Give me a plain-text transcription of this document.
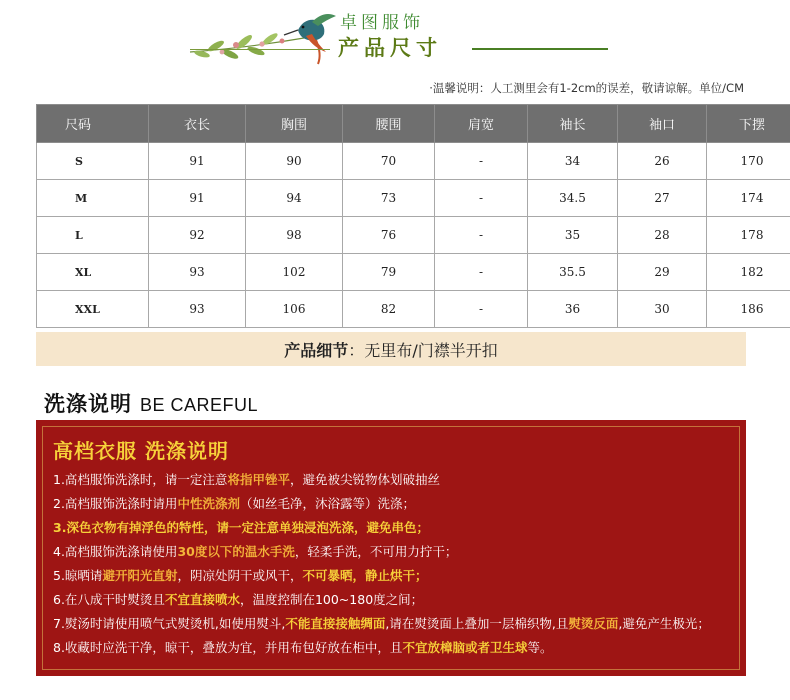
卓图服饰
产品尺寸
·温馨说明：人工测里会有1-2cm的误差，敬请谅解。单位/CM
尺码	衣长	胸围	腰围	肩宽	袖长	袖口	下摆
S	91	90	70	-	34	26	170
M	91	94	73	-	34.5	27	174
L	92	98	76	-	35	28	178
XL	93	102	79	-	35.5	29	182
XXL	93	106	82	-	36	30	186
产品细节 ： 无里布/门襟半开扣
洗涤说明 BE CAREFUL
高档衣服 洗涤说明
1.高档服饰洗涤时，请一定注意将指甲锉平，避免被尖锐物体划破抽丝
2.高档服饰洗涤时请用中性洗涤剂（如丝毛净，沐浴露等）洗涤；
3.深色衣物有掉浮色的特性，请一定注意单独浸泡洗涤，避免串色；
4.高档服饰洗涤请使用30度以下的温水手洗，轻柔手洗，不可用力拧干；
5.晾晒请避开阳光直射，阴凉处阴干或风干，不可暴晒，静止烘干；
6.在八成干时熨烫且不宜直接喷水，温度控制在100~180度之间；
7.熨汤时请使用喷气式熨烫机,如使用熨斗,不能直接接触绸面,请在熨烫面上叠加一层棉织物,且熨烫反面,避免产生极光；
8.收藏时应洗干净，晾干，叠放为宜，并用布包好放在柜中，且不宜放樟脑或者卫生球等。
